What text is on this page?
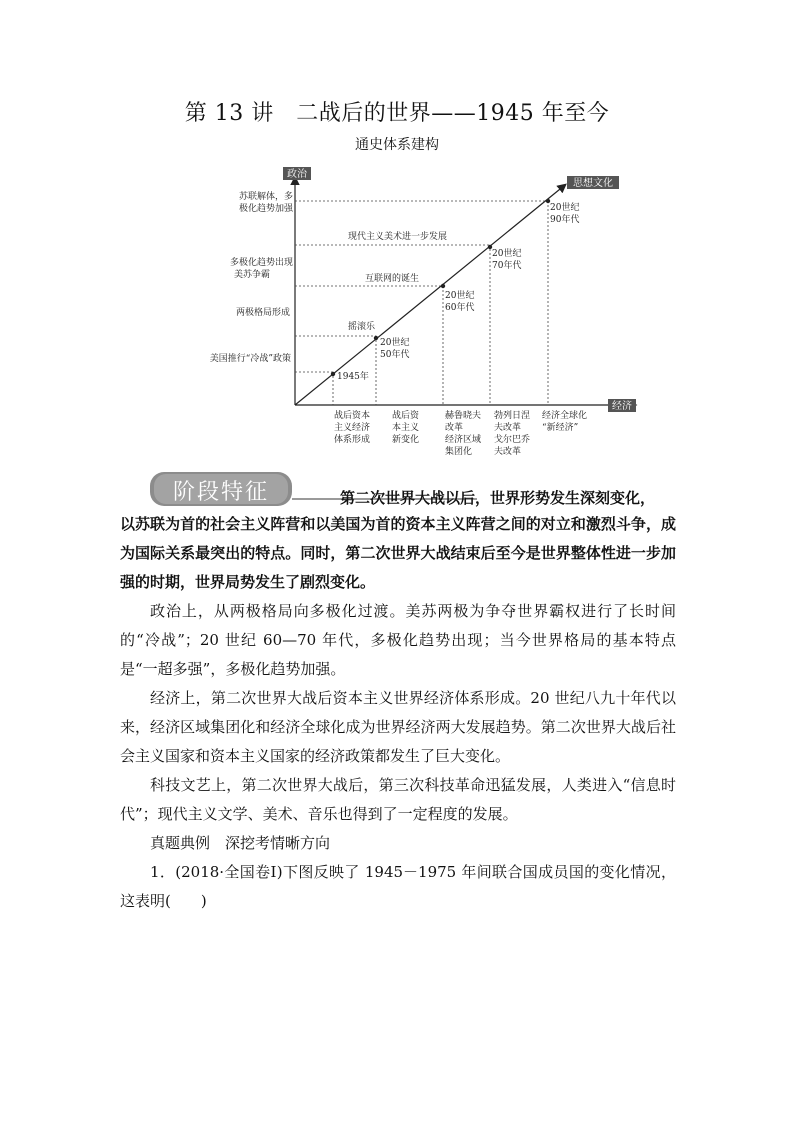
第 13 讲　二战后的世界——1945 年至今
通史体系建构
政治
经济
思想文化
苏联解体，多
极化趋势加强
多极化趋势出现
美苏争霸
两极格局形成
美国推行“冷战”政策
现代主义美术进一步发展
互联网的诞生
摇滚乐
1945年
20世纪
50年代
20世纪
60年代
20世纪
70年代
20世纪
90年代
战后资本
主义经济
体系形成
战后资
本主义
新变化
赫鲁晓夫
改革
经济区域
集团化
勃列日涅
夫改革
戈尔巴乔
夫改革
经济全球化
“新经济”
阶段特征	第二次世界大战以后，世界形势发生深刻变化，

以苏联为首的社会主义阵营和以美国为首的资本主义阵营之间的对立和激烈斗争，成为国际关系最突出的特点。同时，第二次世界大战结束后至今是世界整体性进一步加强的时期，世界局势发生了剧烈变化。

政治上，从两极格局向多极化过渡。美苏两极为争夺世界霸权进行了长时间的“冷战”；20 世纪 60—70 年代，多极化趋势出现；当今世界格局的基本特点是“一超多强”，多极化趋势加强。

经济上，第二次世界大战后资本主义世界经济体系形成。20 世纪八九十年代以来，经济区域集团化和经济全球化成为世界经济两大发展趋势。第二次世界大战后社会主义国家和资本主义国家的经济政策都发生了巨大变化。

科技文艺上，第二次世界大战后，第三次科技革命迅猛发展，人类进入“信息时代”；现代主义文学、美术、音乐也得到了一定程度的发展。

真题典例　深挖考情晰方向

1．(2018·全国卷Ⅰ)下图反映了 1945－1975 年间联合国成员国的变化情况，这表明(　　)
